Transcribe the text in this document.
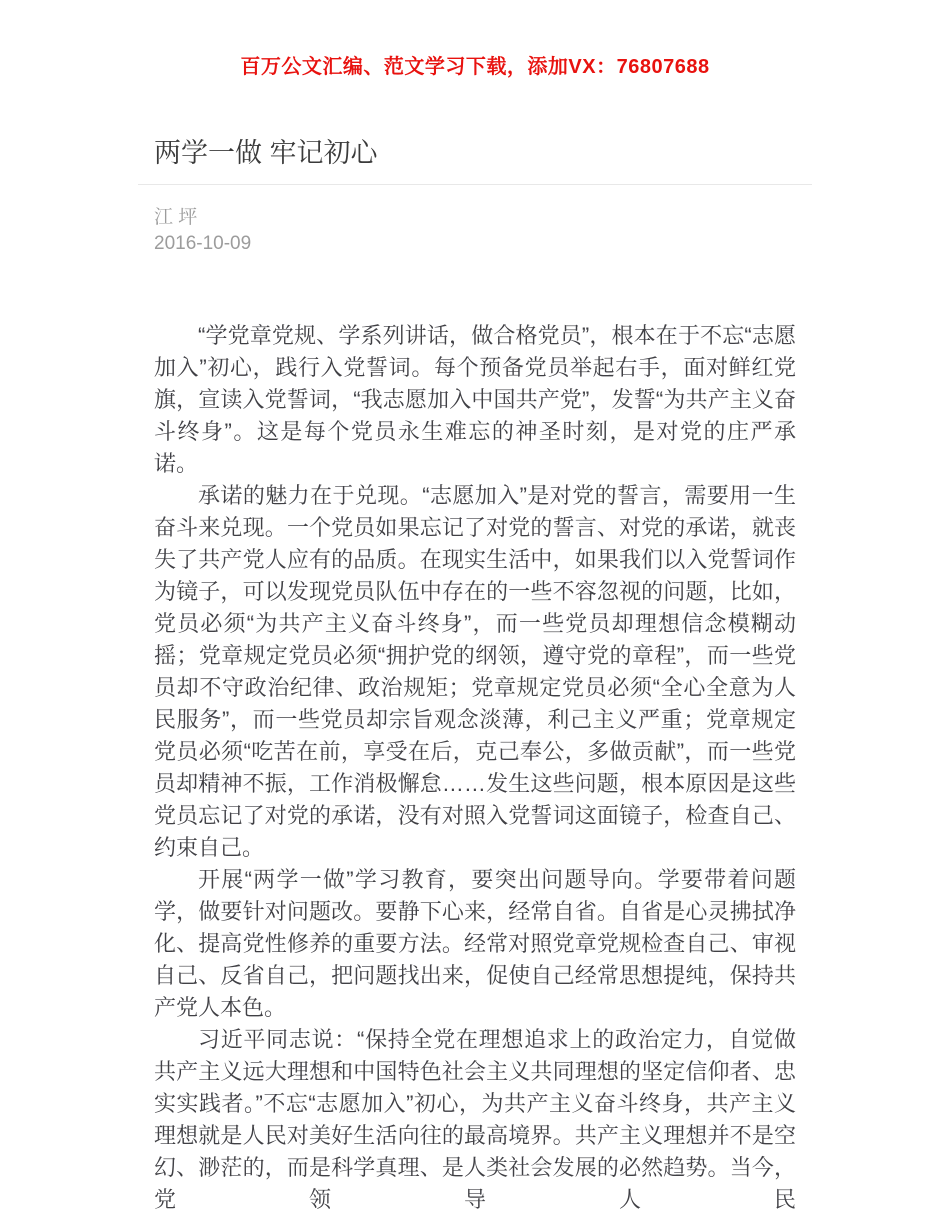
百万公文汇编、范文学习下载，添加VX：76807688
两学一做 牢记初心
江 坪
2016-10-09

“学党章党规、学系列讲话，做合格党员”，根本在于不忘“志愿加入”初心，践行入党誓词。每个预备党员举起右手，面对鲜红党旗，宣读入党誓词，“我志愿加入中国共产党”，发誓“为共产主义奋斗终身”。这是每个党员永生难忘的神圣时刻，是对党的庄严承诺。

承诺的魅力在于兑现。“志愿加入”是对党的誓言，需要用一生奋斗来兑现。一个党员如果忘记了对党的誓言、对党的承诺，就丧失了共产党人应有的品质。在现实生活中，如果我们以入党誓词作为镜子，可以发现党员队伍中存在的一些不容忽视的问题，比如，党员必须“为共产主义奋斗终身”，而一些党员却理想信念模糊动摇；党章规定党员必须“拥护党的纲领，遵守党的章程”，而一些党员却不守政治纪律、政治规矩；党章规定党员必须“全心全意为人民服务”，而一些党员却宗旨观念淡薄，利己主义严重；党章规定党员必须“吃苦在前，享受在后，克己奉公，多做贡献”，而一些党员却精神不振，工作消极懈怠……发生这些问题，根本原因是这些党员忘记了对党的承诺，没有对照入党誓词这面镜子，检查自己、约束自己。

开展“两学一做”学习教育，要突出问题导向。学要带着问题学，做要针对问题改。要静下心来，经常自省。自省是心灵拂拭净化、提高党性修养的重要方法。经常对照党章党规检查自己、审视自己、反省自己，把问题找出来，促使自己经常思想提纯，保持共产党人本色。

习近平同志说：“保持全党在理想追求上的政治定力，自觉做共产主义远大理想和中国特色社会主义共同理想的坚定信仰者、忠实实践者。”不忘“志愿加入”初心，为共产主义奋斗终身，共产主义理想就是人民对美好生活向往的最高境界。共产主义理想并不是空幻、渺茫的，而是科学真理、是人类社会发展的必然趋势。当今，党领导人民
